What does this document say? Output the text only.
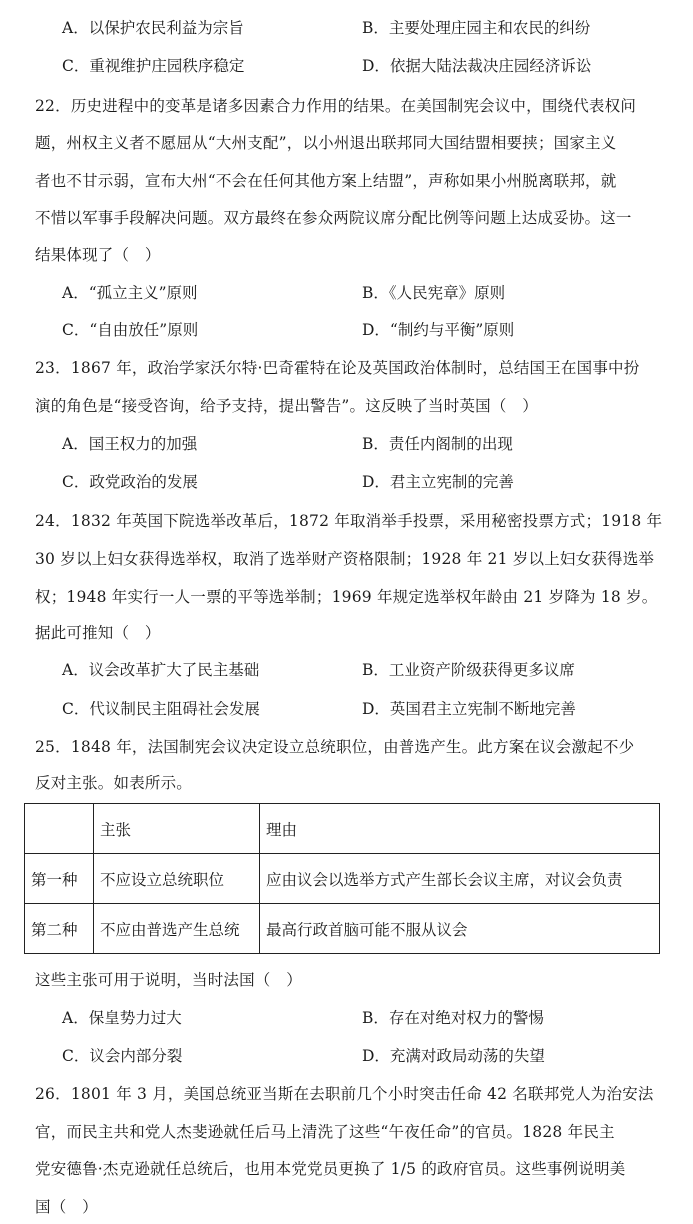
A．以保护农民利益为宗旨	B．主要处理庄园主和农民的纠纷
C．重视维护庄园秩序稳定	D．依据大陆法裁决庄园经济诉讼
22．历史进程中的变革是诸多因素合力作用的结果。在美国制宪会议中，围绕代表权问
题，州权主义者不愿屈从“大州支配”，以小州退出联邦同大国结盟相要挟；国家主义
者也不甘示弱，宣布大州“不会在任何其他方案上结盟”，声称如果小州脱离联邦，就
不惜以军事手段解决问题。双方最终在参众两院议席分配比例等问题上达成妥协。这一
结果体现了（　）
A．“孤立主义”原则	B．《人民宪章》原则
C．“自由放任”原则	D．“制约与平衡”原则
23．1867 年，政治学家沃尔特·巴奇霍特在论及英国政治体制时，总结国王在国事中扮
演的角色是“接受咨询，给予支持，提出警告”。这反映了当时英国（　）
A．国王权力的加强	B．责任内阁制的出现
C．政党政治的发展	D．君主立宪制的完善
24．1832 年英国下院选举改革后，1872 年取消举手投票，采用秘密投票方式；1918 年
30 岁以上妇女获得选举权，取消了选举财产资格限制；1928 年 21 岁以上妇女获得选举
权；1948 年实行一人一票的平等选举制；1969 年规定选举权年龄由 21 岁降为 18 岁。
据此可推知（　）
A．议会改革扩大了民主基础	B．工业资产阶级获得更多议席
C．代议制民主阻碍社会发展	D．英国君主立宪制不断地完善
25．1848 年，法国制宪会议决定设立总统职位，由普选产生。此方案在议会激起不少
反对主张。如表所示。
	主张	理由
第一种	不应设立总统职位	应由议会以选举方式产生部长会议主席，对议会负责
第二种	不应由普选产生总统	最高行政首脑可能不服从议会
这些主张可用于说明，当时法国（　）
A．保皇势力过大	B．存在对绝对权力的警惕
C．议会内部分裂	D．充满对政局动荡的失望
26．1801 年 3 月，美国总统亚当斯在去职前几个小时突击任命 42 名联邦党人为治安法
官，而民主共和党人杰斐逊就任后马上清洗了这些“午夜任命”的官员。1828 年民主
党安德鲁·杰克逊就任总统后，也用本党党员更换了 1/5 的政府官员。这些事例说明美
国（　）
